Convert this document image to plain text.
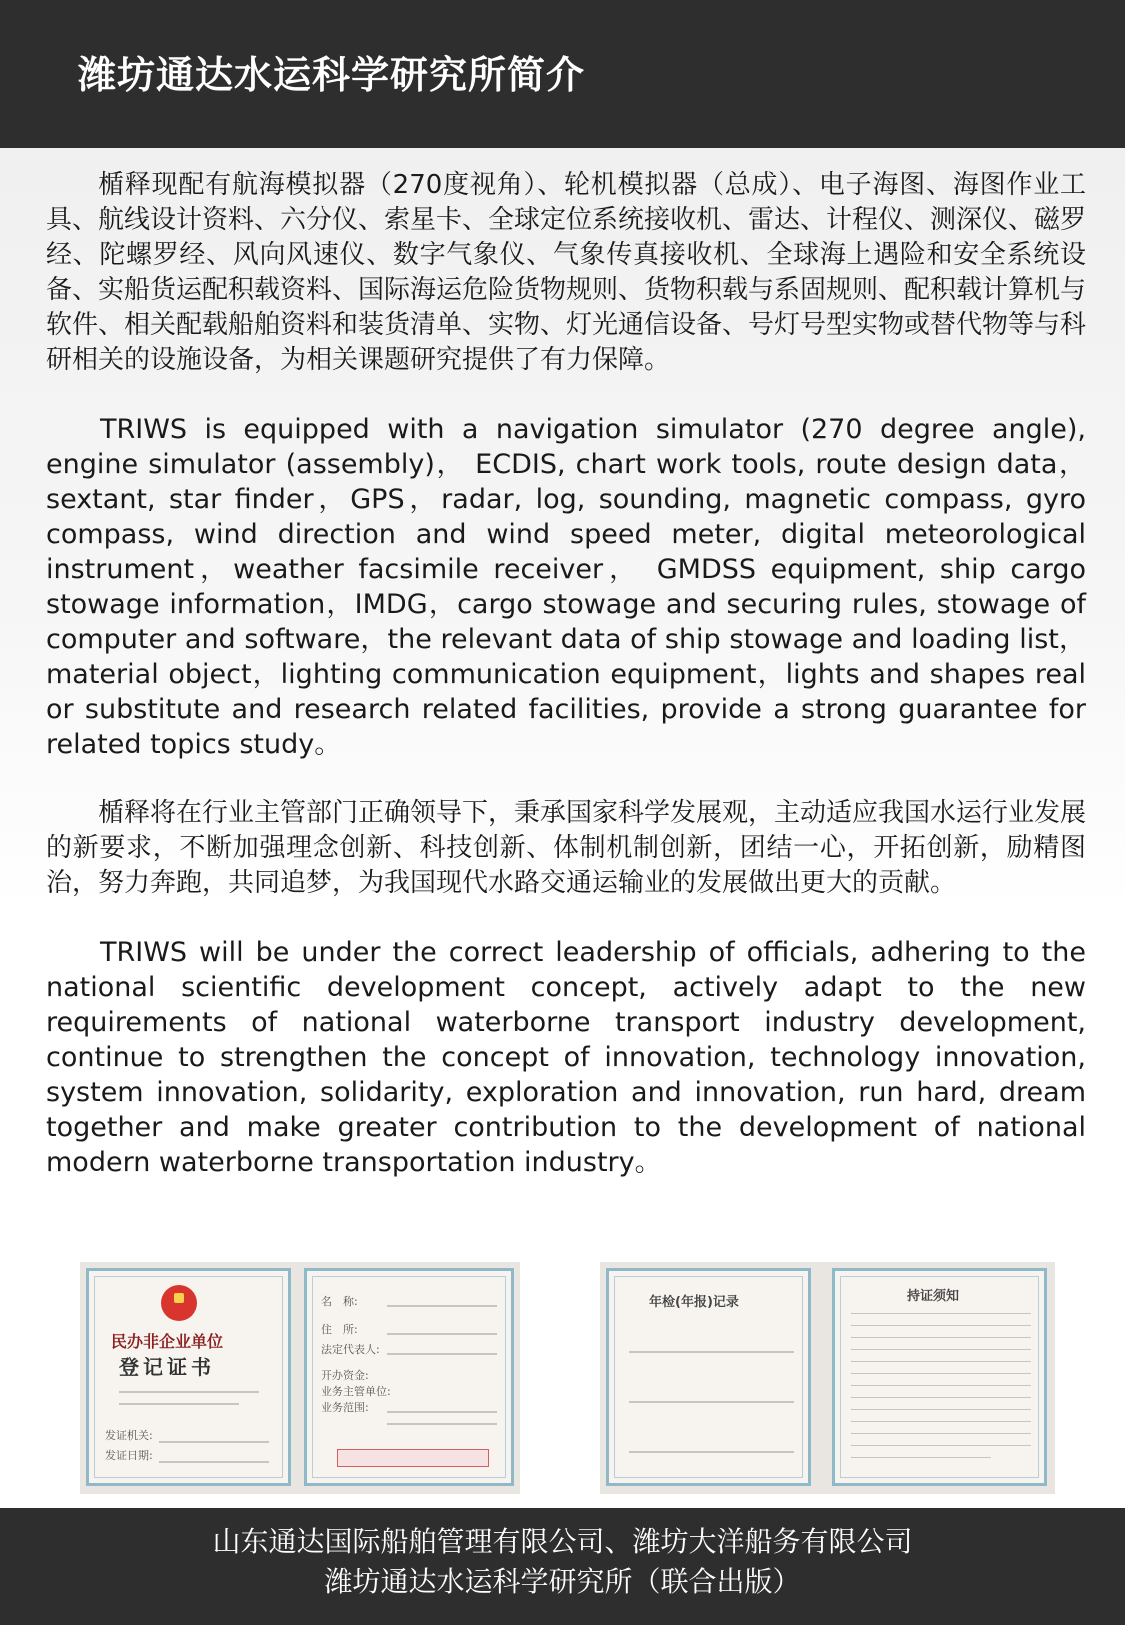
潍坊通达水运科学研究所简介

楯释现配有航海模拟器（270度视角）、轮机模拟器（总成）、电子海图、海图作业工具、航线设计资料、六分仪、索星卡、全球定位系统接收机、雷达、计程仪、测深仪、磁罗经、陀螺罗经、风向风速仪、数字气象仪、气象传真接收机、全球海上遇险和安全系统设备、实船货运配积载资料、国际海运危险货物规则、货物积载与系固规则、配积载计算机与软件、相关配载船舶资料和装货清单、实物、灯光通信设备、号灯号型实物或替代物等与科研相关的设施设备，为相关课题研究提供了有力保障。

TRIWS is equipped with a navigation simulator (270 degree angle), engine simulator (assembly)， ECDIS, chart work tools, route design data，sextant, star finder，GPS，radar, log, sounding, magnetic compass, gyro compass, wind direction and wind speed meter, digital meteorological instrument，weather facsimile receiver， GMDSS equipment, ship cargo stowage information，IMDG，cargo stowage and securing rules, stowage of computer and software，the relevant data of ship stowage and loading list，material object，lighting communication equipment，lights and shapes real or substitute and research related facilities, provide a strong guarantee for related topics study。

楯释将在行业主管部门正确领导下，秉承国家科学发展观，主动适应我国水运行业发展的新要求，不断加强理念创新、科技创新、体制机制创新，团结一心，开拓创新，励精图治，努力奔跑，共同追梦，为我国现代水路交通运输业的发展做出更大的贡献。

TRIWS will be under the correct leadership of officials, adhering to the national scientific development concept, actively adapt to the new requirements of national waterborne transport industry development, continue to strengthen the concept of innovation, technology innovation, system innovation, solidarity, exploration and innovation, run hard, dream together and make greater contribution to the development of national modern waterborne transportation industry。

民办非企业单位
登记证书
发证机关:
发证日期:
名　称:
住　所:
法定代表人:
开办资金:
业务主管单位:
业务范围:
年检(年报)记录	持证须知

山东通达国际船舶管理有限公司、潍坊大洋船务有限公司

潍坊通达水运科学研究所（联合出版）
